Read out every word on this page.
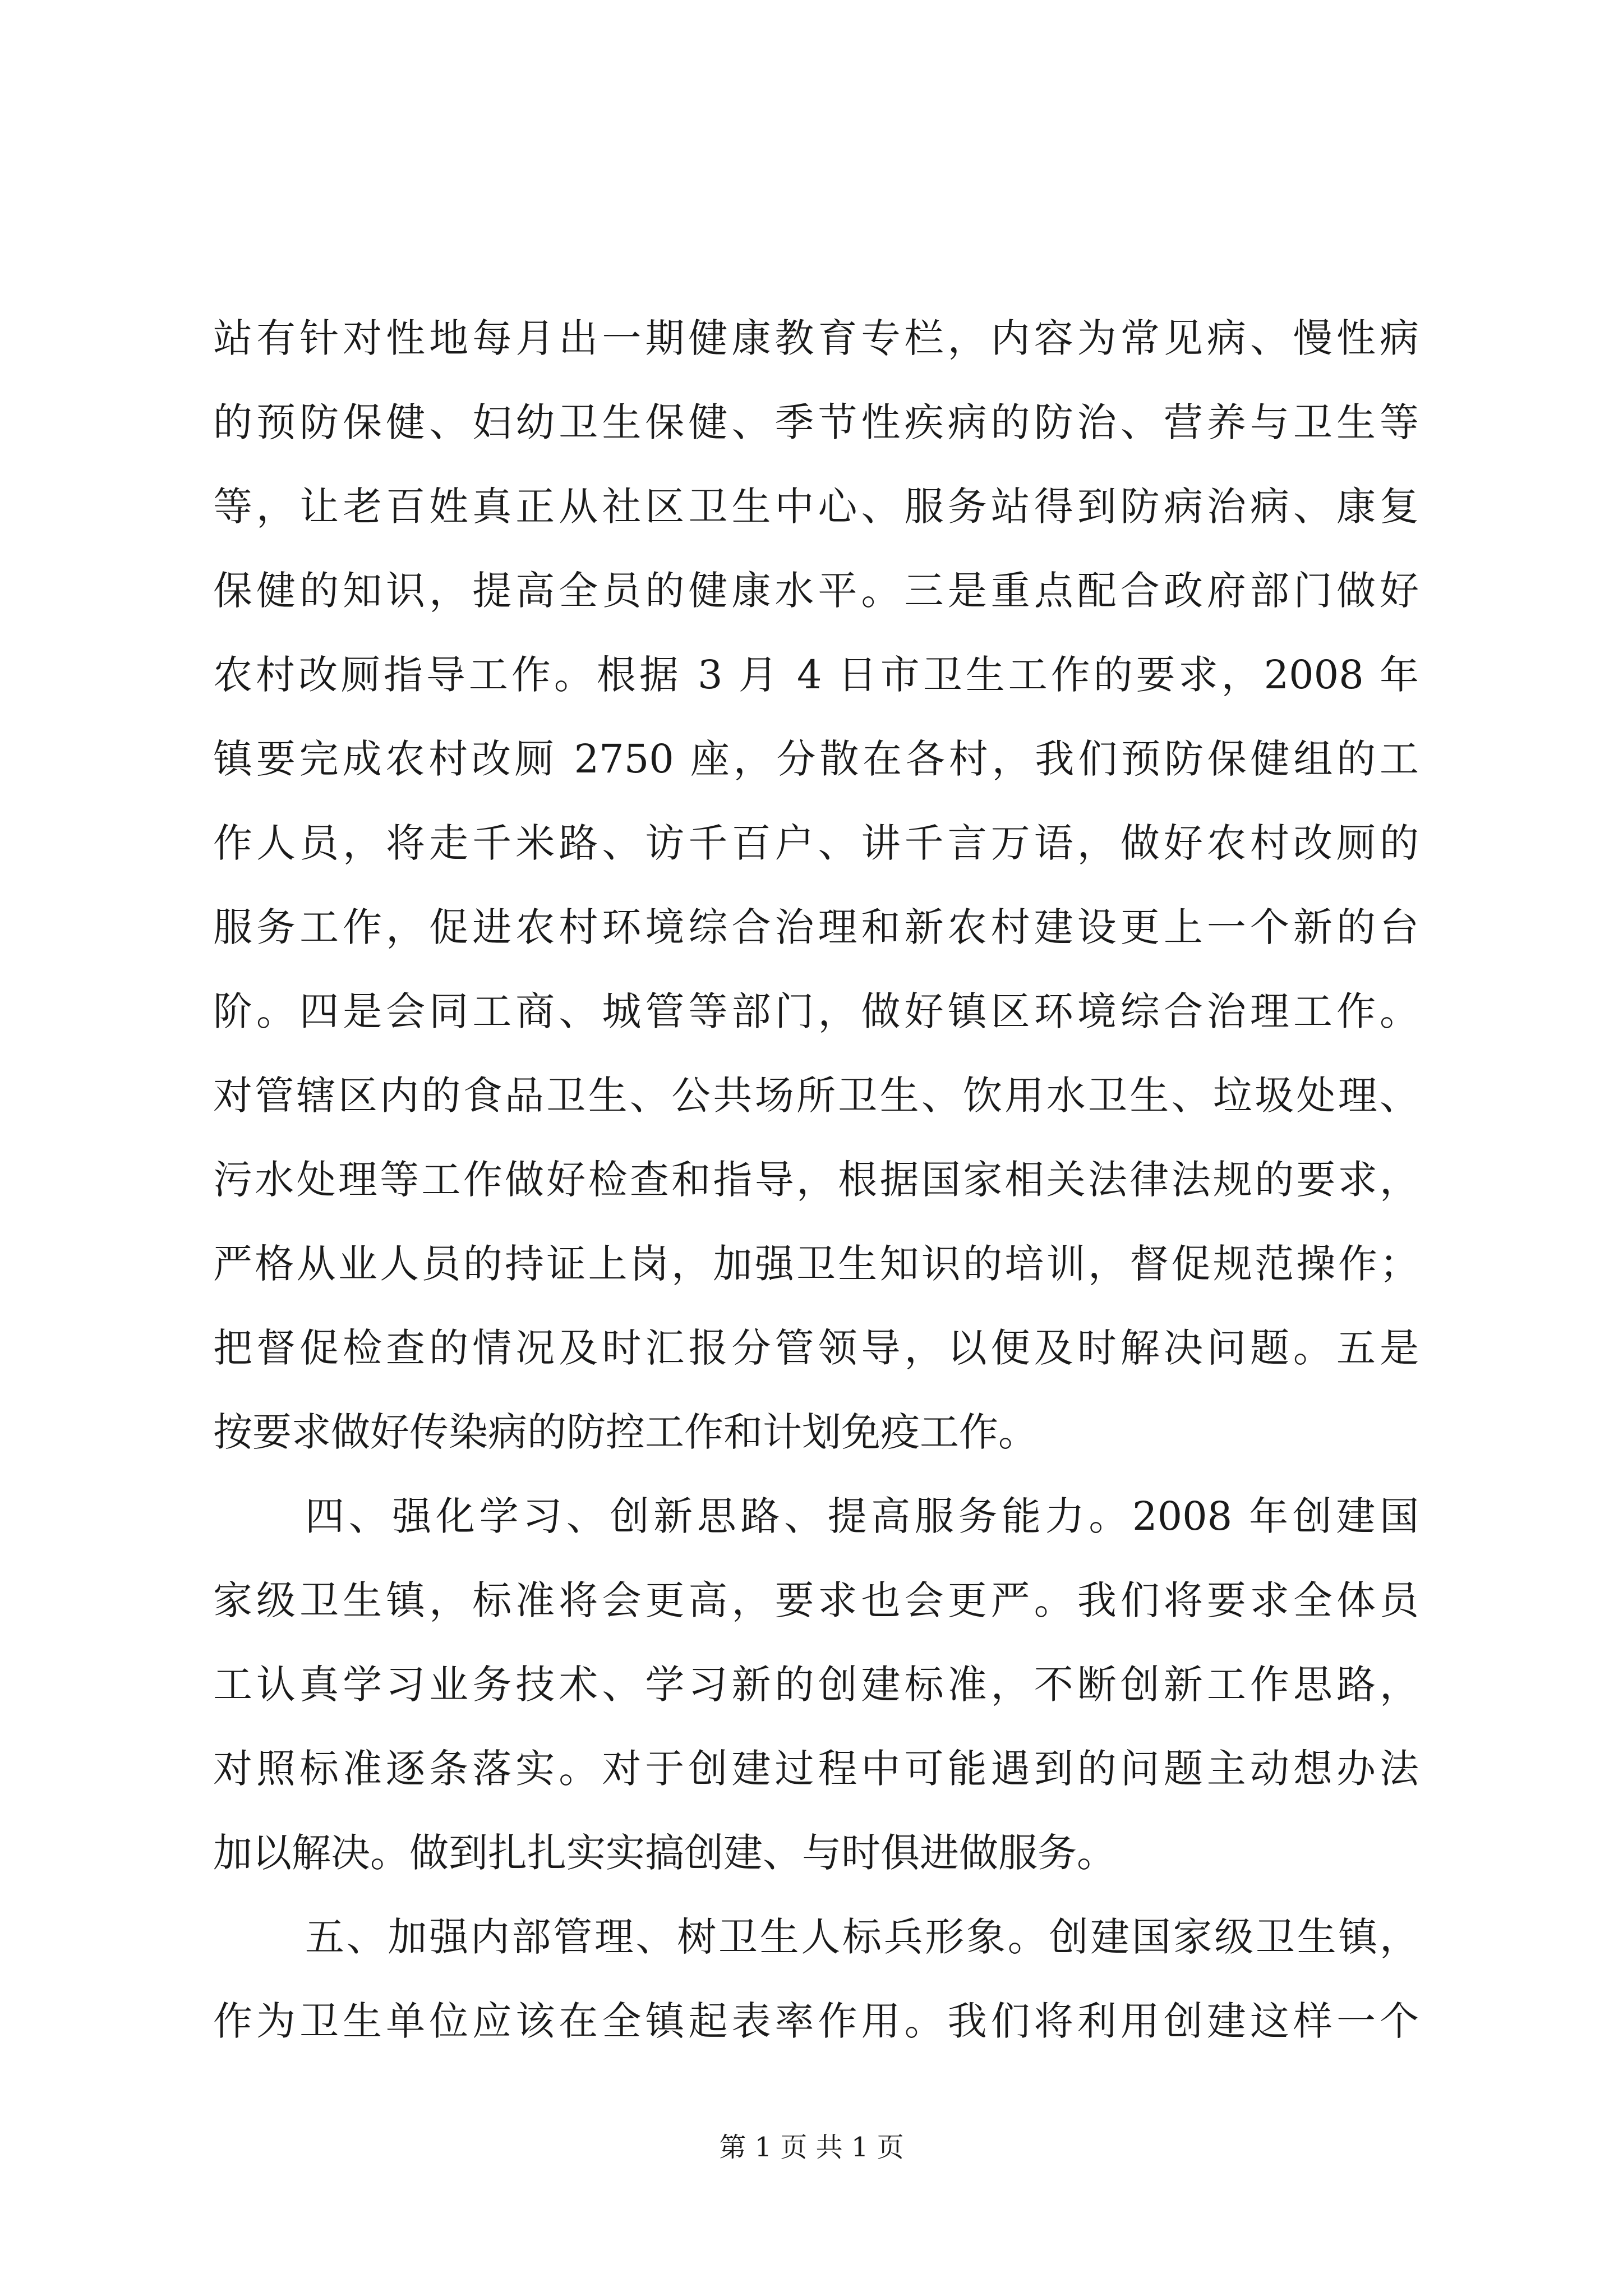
站有针对性地每月出一期健康教育专栏，内容为常见病、慢性病
的预防保健、妇幼卫生保健、季节性疾病的防治、营养与卫生等
等，让老百姓真正从社区卫生中心、服务站得到防病治病、康复
保健的知识，提高全员的健康水平。三是重点配合政府部门做好
农村改厕指导工作。根据 3 月 4 日市卫生工作的要求，2008 年
镇要完成农村改厕 2750 座，分散在各村，我们预防保健组的工
作人员，将走千米路、访千百户、讲千言万语，做好农村改厕的
服务工作，促进农村环境综合治理和新农村建设更上一个新的台
阶。四是会同工商、城管等部门，做好镇区环境综合治理工作。
对管辖区内的食品卫生、公共场所卫生、饮用水卫生、垃圾处理、
污水处理等工作做好检查和指导，根据国家相关法律法规的要求，
严格从业人员的持证上岗，加强卫生知识的培训，督促规范操作；
把督促检查的情况及时汇报分管领导，以便及时解决问题。五是
按要求做好传染病的防控工作和计划免疫工作。
四、强化学习、创新思路、提高服务能力。2008 年创建国
家级卫生镇，标准将会更高，要求也会更严。我们将要求全体员
工认真学习业务技术、学习新的创建标准，不断创新工作思路，
对照标准逐条落实。对于创建过程中可能遇到的问题主动想办法
加以解决。做到扎扎实实搞创建、与时俱进做服务。
五、加强内部管理、树卫生人标兵形象。创建国家级卫生镇，
作为卫生单位应该在全镇起表率作用。我们将利用创建这样一个
第 1 页 共 1 页
